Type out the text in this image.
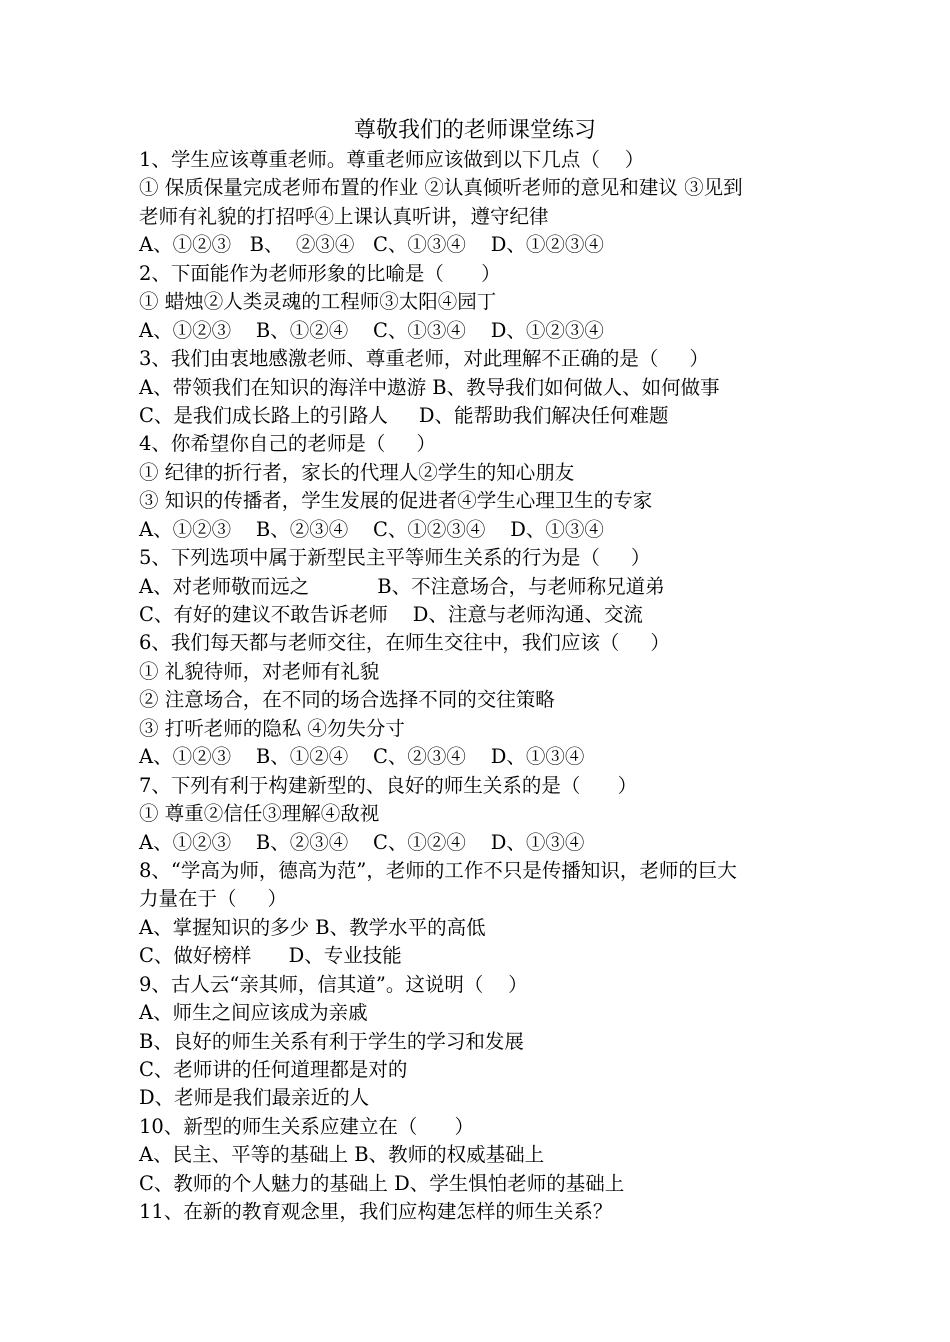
尊敬我们的老师课堂练习
1、学生应该尊重老师。尊重老师应该做到以下几点（    ）
① 保质保量完成老师布置的作业 ②认真倾听老师的意见和建议 ③见到
老师有礼貌的打招呼④上课认真听讲，遵守纪律
A、①②③   B、  ②③④   C、①③④    D、①②③④
2、下面能作为老师形象的比喻是（      ）
① 蜡烛②人类灵魂的工程师③太阳④园丁
A、①②③    B、①②④    C、①③④    D、①②③④
3、我们由衷地感激老师、尊重老师，对此理解不正确的是（     ）
A、带领我们在知识的海洋中遨游 B、教导我们如何做人、如何做事
C、是我们成长路上的引路人     D、能帮助我们解决任何难题
4、你希望你自己的老师是（     ）
① 纪律的折行者，家长的代理人②学生的知心朋友
③ 知识的传播者，学生发展的促进者④学生心理卫生的专家
A、①②③    B、②③④    C、①②③④    D、①③④
5、下列选项中属于新型民主平等师生关系的行为是（     ）
A、对老师敬而远之           B、不注意场合，与老师称兄道弟
C、有好的建议不敢告诉老师    D、注意与老师沟通、交流
6、我们每天都与老师交往，在师生交往中，我们应该（     ）
① 礼貌待师，对老师有礼貌
② 注意场合，在不同的场合选择不同的交往策略
③ 打听老师的隐私 ④勿失分寸
A、①②③    B、①②④    C、②③④    D、①③④
7、下列有利于构建新型的、良好的师生关系的是（      ）
① 尊重②信任③理解④敌视
A、①②③    B、②③④    C、①②④    D、①③④
8、“学高为师，德高为范”，老师的工作不只是传播知识，老师的巨大
力量在于（     ）
A、掌握知识的多少 B、教学水平的高低
C、做好榜样      D、专业技能
9、古人云“亲其师，信其道”。这说明（    ）
A、师生之间应该成为亲戚
B、良好的师生关系有利于学生的学习和发展
C、老师讲的任何道理都是对的
D、老师是我们最亲近的人
10、新型的师生关系应建立在（      ）
A、民主、平等的基础上 B、教师的权威基础上
C、教师的个人魅力的基础上 D、学生惧怕老师的基础上
11、在新的教育观念里，我们应构建怎样的师生关系？
